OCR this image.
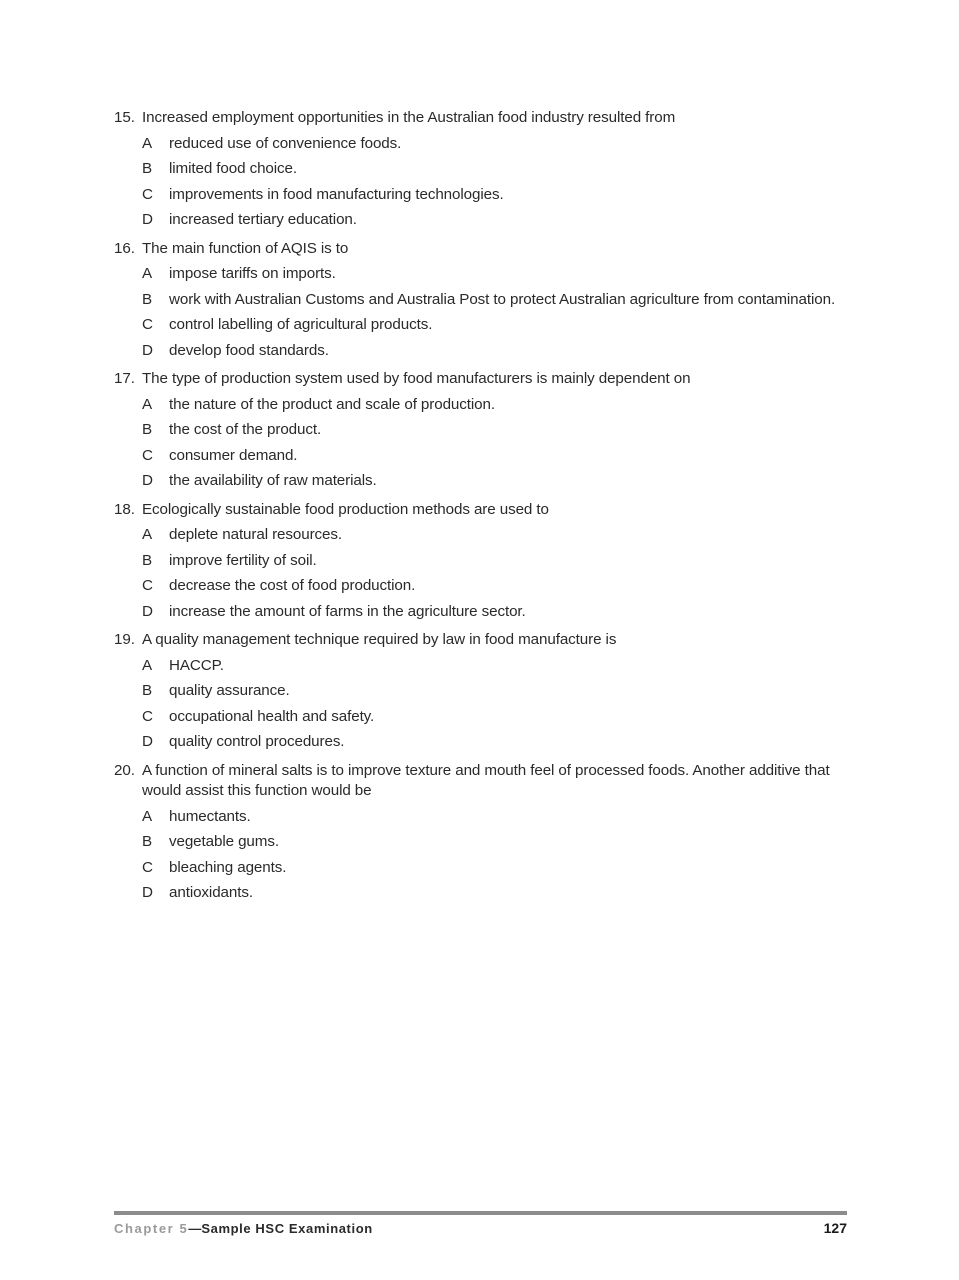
15. Increased employment opportunities in the Australian food industry resulted from
A	reduced use of convenience foods.
B	limited food choice.
C	improvements in food manufacturing technologies.
D	increased tertiary education.
16. The main function of AQIS is to
A	impose tariffs on imports.
B	work with Australian Customs and Australia Post to protect Australian agriculture from contamination.
C	control labelling of agricultural products.
D	develop food standards.
17. The type of production system used by food manufacturers is mainly dependent on
A	the nature of the product and scale of production.
B	the cost of the product.
C	consumer demand.
D	the availability of raw materials.
18. Ecologically sustainable food production methods are used to
A	deplete natural resources.
B	improve fertility of soil.
C	decrease the cost of food production.
D	increase the amount of farms in the agriculture sector.
19. A quality management technique required by law in food manufacture is
A	HACCP.
B	quality assurance.
C	occupational health and safety.
D	quality control procedures.
20. A function of mineral salts is to improve texture and mouth feel of processed foods. Another additive that would assist this function would be
A	humectants.
B	vegetable gums.
C	bleaching agents.
D	antioxidants.
Chapter 5—Sample HSC Examination	127
